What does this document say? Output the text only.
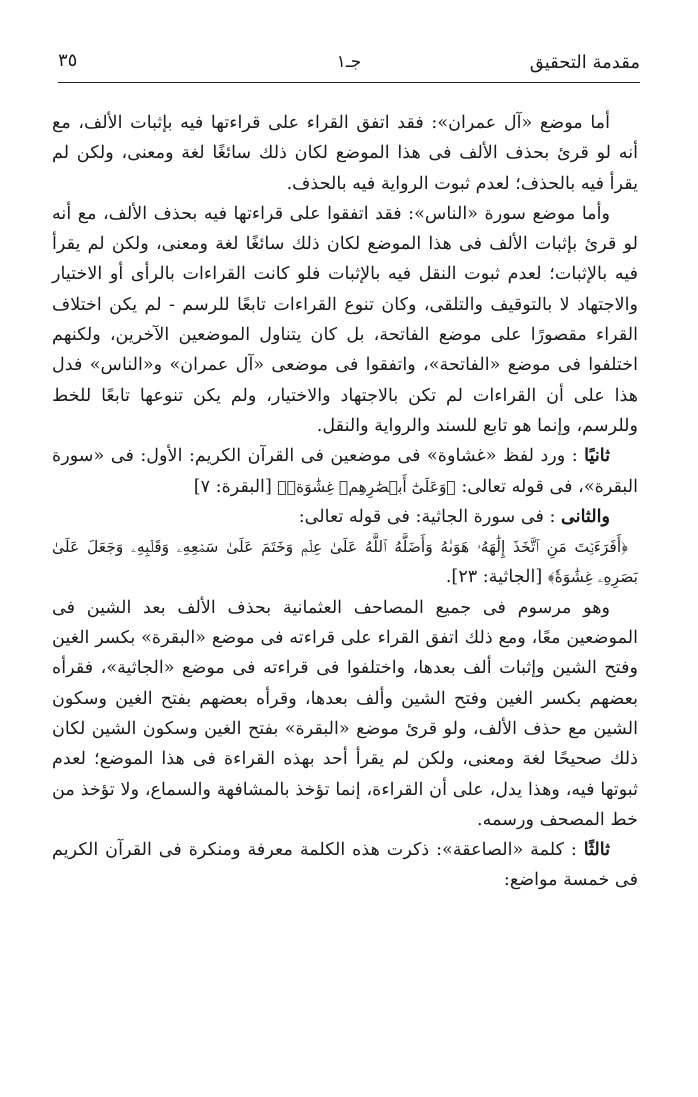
مقدمة التحقيق
جـ١
٣٥

أما موضع «آل عمران»: فقد اتفق القراء على قراءتها فيه بإثبات الألف، مع أنه لو قرئ بحذف الألف فى هذا الموضع لكان ذلك سائغًا لغة ومعنى، ولكن لم يقرأ فيه بالحذف؛ لعدم ثبوت الرواية فيه بالحذف.

وأما موضع سورة «الناس»: فقد اتفقوا على قراءتها فيه بحذف الألف، مع أنه لو قرئ بإثبات الألف فى هذا الموضع لكان ذلك سائغًا لغة ومعنى، ولكن لم يقرأ فيه بالإثبات؛ لعدم ثبوت النقل فيه بالإثبات فلو كانت القراءات بالرأى أو الاختيار والاجتهاد لا بالتوقيف والتلقى، وكان تنوع القراءات تابعًا للرسم - لم يكن اختلاف القراء مقصورًا على موضع الفاتحة، بل كان يتناول الموضعين الآخرين، ولكنهم اختلفوا فى موضع «الفاتحة»، واتفقوا فى موضعى «آل عمران» و«الناس» فدل هذا على أن القراءات لم تكن بالاجتهاد والاختيار، ولم يكن تنوعها تابعًا للخط وللرسم، وإنما هو تابع للسند والرواية والنقل.

ثانيًا : ورد لفظ «غشاوة» فى موضعين فى القرآن الكريم: الأول: فى «سورة البقرة»، فى قوله تعالى: ﴿وَعَلَىٰٓ أَبۡصَٰرِهِمۡ غِشَٰوَةٞ﴾ [البقرة: ٧]

والثانى : فى سورة الجاثية: فى قوله تعالى:

﴿أَفَرَءَيۡتَ مَنِ ٱتَّخَذَ إِلَٰهَهُۥ هَوَىٰهُ وَأَضَلَّهُ ٱللَّهُ عَلَىٰ عِلۡمٖ وَخَتَمَ عَلَىٰ سَمۡعِهِۦ وَقَلۡبِهِۦ وَجَعَلَ عَلَىٰ بَصَرِهِۦ غِشَٰوَةٗ﴾ [الجاثية: ٢٣].

وهو مرسوم فى جميع المصاحف العثمانية بحذف الألف بعد الشين فى الموضعين معًا، ومع ذلك اتفق القراء على قراءته فى موضع «البقرة» بكسر الغين وفتح الشين وإثبات ألف بعدها، واختلفوا فى قراءته فى موضع «الجاثية»، فقرأه بعضهم بكسر الغين وفتح الشين وألف بعدها، وقرأه بعضهم بفتح الغين وسكون الشين مع حذف الألف، ولو قرئ موضع «البقرة» بفتح الغين وسكون الشين لكان ذلك صحيحًا لغة ومعنى، ولكن لم يقرأ أحد بهذه القراءة فى هذا الموضع؛ لعدم ثبوتها فيه، وهذا يدل، على أن القراءة، إنما تؤخذ بالمشافهة والسماع، ولا تؤخذ من خط المصحف ورسمه.

ثالثًا : كلمة «الصاعقة»: ذكرت هذه الكلمة معرفة ومنكرة فى القرآن الكريم فى خمسة مواضع:
